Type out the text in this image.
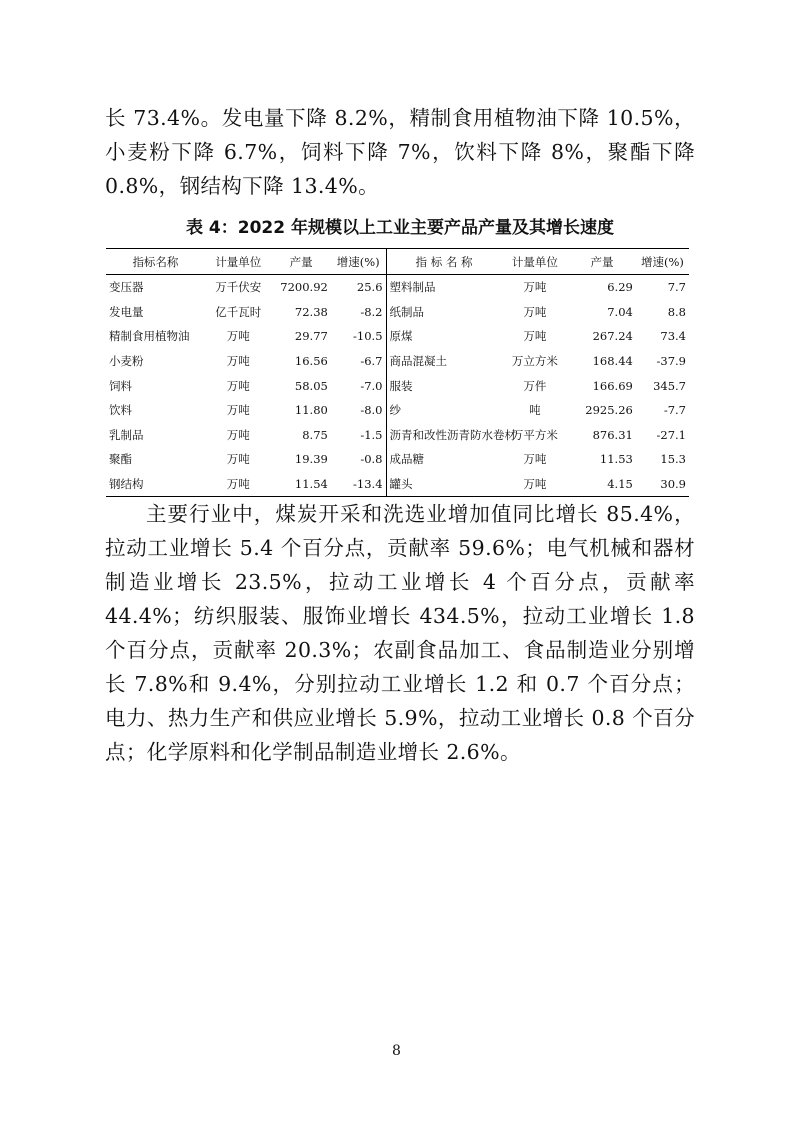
长 73.4%。发电量下降 8.2%，精制食用植物油下降 10.5%，小麦粉下降 6.7%，饲料下降 7%，饮料下降 8%，聚酯下降 0.8%，钢结构下降 13.4%。

表 4：2022 年规模以上工业主要产品产量及其增长速度
指标名称	计量单位	产量	增速(%)	指 标 名 称	计量单位	产量	增速(%)
变压器	万千伏安	7200.92	25.6	塑料制品	万吨	6.29	7.7
发电量	亿千瓦时	72.38	-8.2	纸制品	万吨	7.04	8.8
精制食用植物油	万吨	29.77	-10.5	原煤	万吨	267.24	73.4
小麦粉	万吨	16.56	-6.7	商品混凝土	万立方米	168.44	-37.9
饲料	万吨	58.05	-7.0	服装	万件	166.69	345.7
饮料	万吨	11.80	-8.0	纱	吨	2925.26	-7.7
乳制品	万吨	8.75	-1.5	沥青和改性沥青防水卷材	万平方米	876.31	-27.1
聚酯	万吨	19.39	-0.8	成品糖	万吨	11.53	15.3
钢结构	万吨	11.54	-13.4	罐头	万吨	4.15	30.9

主要行业中，煤炭开采和洗选业增加值同比增长 85.4%，拉动工业增长 5.4 个百分点，贡献率 59.6%；电气机械和器材制造业增长 23.5%，拉动工业增长 4 个百分点，贡献率 44.4%；纺织服装、服饰业增长 434.5%，拉动工业增长 1.8 个百分点，贡献率 20.3%；农副食品加工、食品制造业分别增长 7.8%和 9.4%，分别拉动工业增长 1.2 和 0.7 个百分点；电力、热力生产和供应业增长 5.9%，拉动工业增长 0.8 个百分点；化学原料和化学制品制造业增长 2.6%。

8
